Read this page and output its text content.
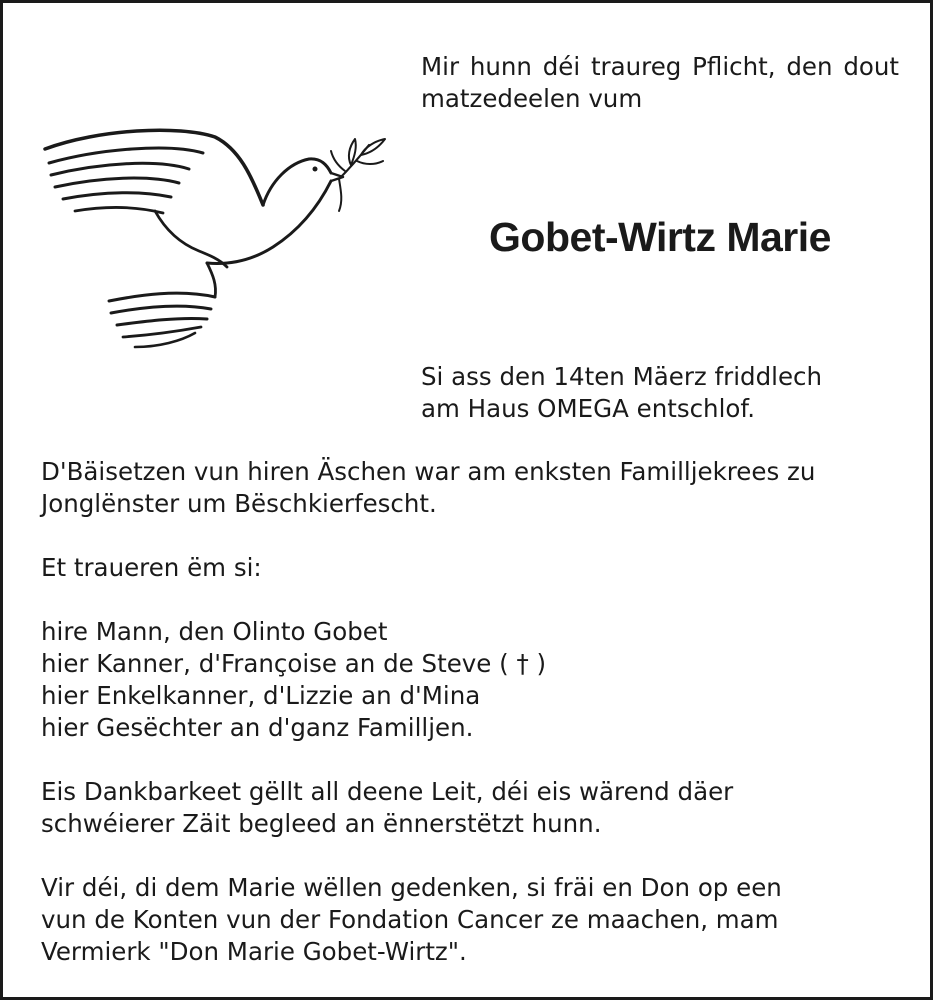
Mir hunn déi traureg Pflicht, den dout matzedeelen vum

Gobet-Wirtz Marie

Si ass den 14ten Mäerz friddlech
am Haus OMEGA entschlof.

D'Bäisetzen vun hiren Äschen war am enksten Familljekrees zu
Jonglënster um Bëschkierfescht.

Et traueren ëm si:

hire Mann, den Olinto Gobet
hier Kanner, d'Françoise an de Steve ( † )
hier Enkelkanner, d'Lizzie an d'Mina
hier Gesëchter an d'ganz Familljen.

Eis Dankbarkeet gëllt all deene Leit, déi eis wärend däer
schwéierer Zäit begleed an ënnerstëtzt hunn.

Vir déi, di dem Marie wëllen gedenken, si fräi en Don op een
vun de Konten vun der Fondation Cancer ze maachen, mam
Vermierk "Don Marie Gobet-Wirtz".
